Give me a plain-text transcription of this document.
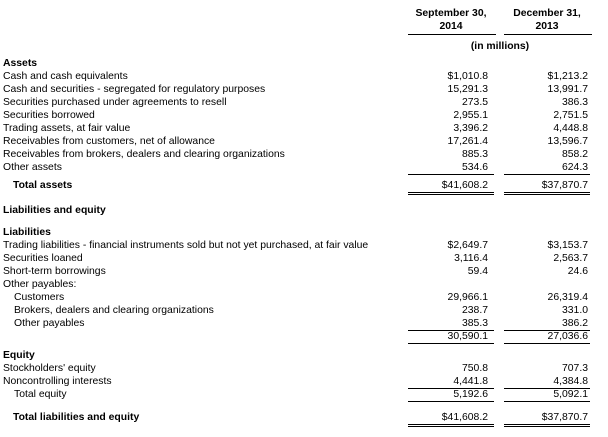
September 30,
2014
December 31,
2013
(in millions)
Assets
Cash and cash equivalents	$1,010.8	$1,213.2
Cash and securities - segregated for regulatory purposes	15,291.3	13,991.7
Securities purchased under agreements to resell	273.5	386.3
Securities borrowed	2,955.1	2,751.5
Trading assets, at fair value	3,396.2	4,448.8
Receivables from customers, net of allowance	17,261.4	13,596.7
Receivables from brokers, dealers and clearing organizations	885.3	858.2
Other assets	534.6	624.3
Total assets	$41,608.2	$37,870.7
Liabilities and equity
Liabilities
Trading liabilities - financial instruments sold but not yet purchased, at fair value	$2,649.7	$3,153.7
Securities loaned	3,116.4	2,563.7
Short-term borrowings	59.4	24.6
Other payables:
Customers	29,966.1	26,319.4
Brokers, dealers and clearing organizations	238.7	331.0
Other payables	385.3	386.2
30,590.1	27,036.6
Equity
Stockholders' equity	750.8	707.3
Noncontrolling interests	4,441.8	4,384.8
Total equity	5,192.6	5,092.1
Total liabilities and equity	$41,608.2	$37,870.7
